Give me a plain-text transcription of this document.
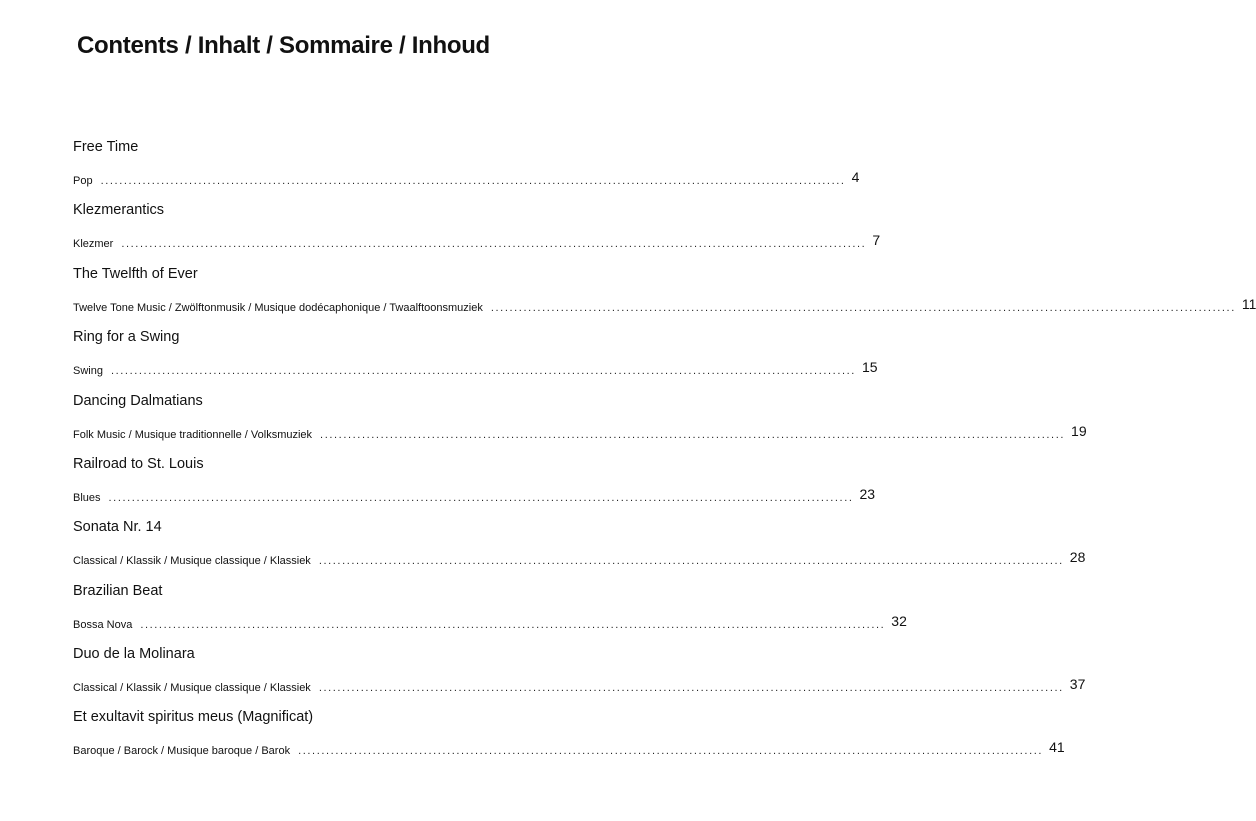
Contents / Inhalt / Sommaire / Inhoud
Free Time
Pop ................................................................................................................................................................ 4
Klezmerantics
Klezmer ................................................................................................................................................................ 7
The Twelfth of Ever
Twelve Tone Music / Zwölftonmusik / Musique dodécaphonique / Twaalftoonsmuziek ................................................................................................................................................................ 11
Ring for a Swing
Swing ................................................................................................................................................................ 15
Dancing Dalmatians
Folk Music / Musique traditionnelle / Volksmuziek ................................................................................................................................................................ 19
Railroad to St. Louis
Blues ................................................................................................................................................................ 23
Sonata Nr. 14
Classical / Klassik / Musique classique / Klassiek ................................................................................................................................................................ 28
Brazilian Beat
Bossa Nova ................................................................................................................................................................ 32
Duo de la Molinara
Classical / Klassik / Musique classique / Klassiek ................................................................................................................................................................ 37
Et exultavit spiritus meus (Magnificat)
Baroque / Barock / Musique baroque / Barok ................................................................................................................................................................ 41
